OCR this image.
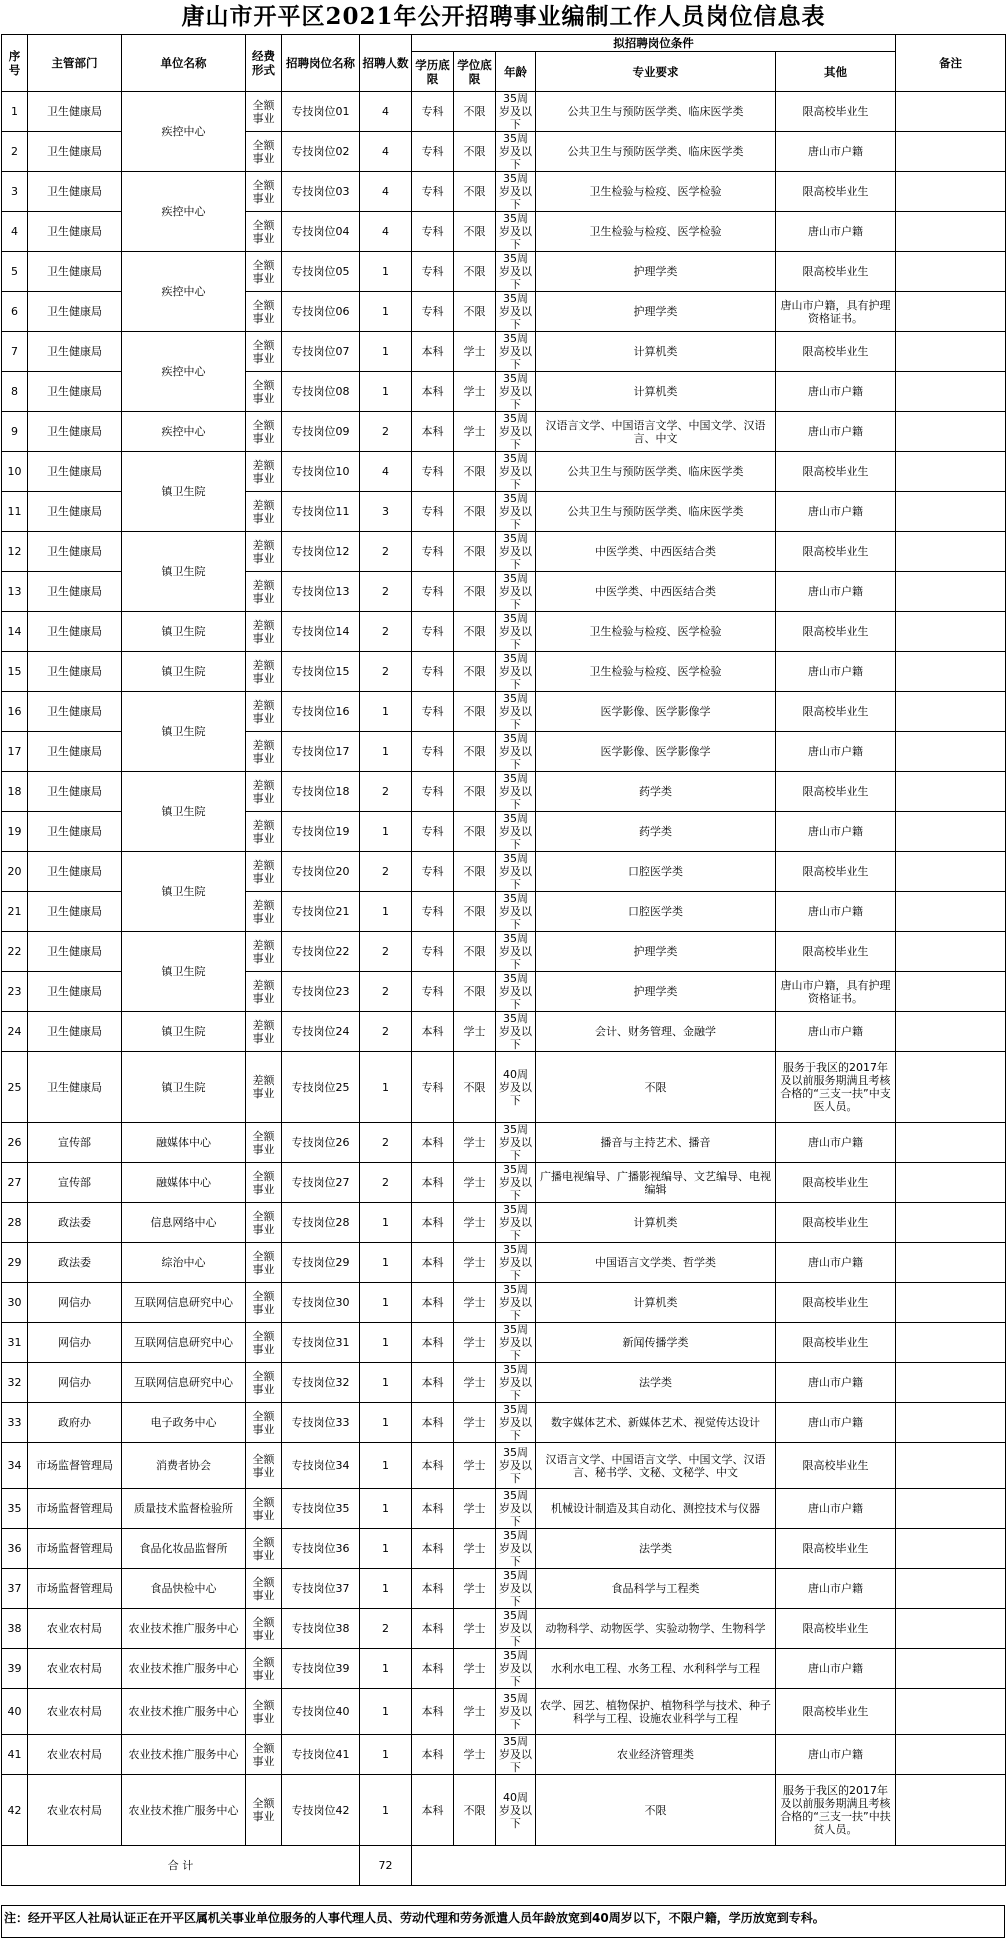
唐山市开平区2021年公开招聘事业编制工作人员岗位信息表
序号	主管部门	单位名称	经费形式	招聘岗位名称	招聘人数	拟招聘岗位条件					备注
						学历底限	学位底限	年龄	专业要求	其他	
1	卫生健康局	疾控中心	全额事业	专技岗位01	4	专科	不限	35周岁及以下	公共卫生与预防医学类、临床医学类	限高校毕业生	
2	卫生健康局		全额事业	专技岗位02	4	专科	不限	35周岁及以下	公共卫生与预防医学类、临床医学类	唐山市户籍	
3	卫生健康局	疾控中心	全额事业	专技岗位03	4	专科	不限	35周岁及以下	卫生检验与检疫、医学检验	限高校毕业生	
4	卫生健康局		全额事业	专技岗位04	4	专科	不限	35周岁及以下	卫生检验与检疫、医学检验	唐山市户籍	
5	卫生健康局	疾控中心	全额事业	专技岗位05	1	专科	不限	35周岁及以下	护理学类	限高校毕业生	
6	卫生健康局		全额事业	专技岗位06	1	专科	不限	35周岁及以下	护理学类	唐山市户籍，具有护理资格证书。	
7	卫生健康局	疾控中心	全额事业	专技岗位07	1	本科	学士	35周岁及以下	计算机类	限高校毕业生	
8	卫生健康局		全额事业	专技岗位08	1	本科	学士	35周岁及以下	计算机类	唐山市户籍	
9	卫生健康局	疾控中心	全额事业	专技岗位09	2	本科	学士	35周岁及以下	汉语言文学、中国语言文学、中国文学、汉语言、中文	唐山市户籍	
10	卫生健康局	镇卫生院	差额事业	专技岗位10	4	专科	不限	35周岁及以下	公共卫生与预防医学类、临床医学类	限高校毕业生	
11	卫生健康局		差额事业	专技岗位11	3	专科	不限	35周岁及以下	公共卫生与预防医学类、临床医学类	唐山市户籍	
12	卫生健康局	镇卫生院	差额事业	专技岗位12	2	专科	不限	35周岁及以下	中医学类、中西医结合类	限高校毕业生	
13	卫生健康局		差额事业	专技岗位13	2	专科	不限	35周岁及以下	中医学类、中西医结合类	唐山市户籍	
14	卫生健康局	镇卫生院	差额事业	专技岗位14	2	专科	不限	35周岁及以下	卫生检验与检疫、医学检验	限高校毕业生	
15	卫生健康局	镇卫生院	差额事业	专技岗位15	2	专科	不限	35周岁及以下	卫生检验与检疫、医学检验	唐山市户籍	
16	卫生健康局	镇卫生院	差额事业	专技岗位16	1	专科	不限	35周岁及以下	医学影像、医学影像学	限高校毕业生	
17	卫生健康局		差额事业	专技岗位17	1	专科	不限	35周岁及以下	医学影像、医学影像学	唐山市户籍	
18	卫生健康局	镇卫生院	差额事业	专技岗位18	2	专科	不限	35周岁及以下	药学类	限高校毕业生	
19	卫生健康局		差额事业	专技岗位19	1	专科	不限	35周岁及以下	药学类	唐山市户籍	
20	卫生健康局	镇卫生院	差额事业	专技岗位20	2	专科	不限	35周岁及以下	口腔医学类	限高校毕业生	
21	卫生健康局		差额事业	专技岗位21	1	专科	不限	35周岁及以下	口腔医学类	唐山市户籍	
22	卫生健康局	镇卫生院	差额事业	专技岗位22	2	专科	不限	35周岁及以下	护理学类	限高校毕业生	
23	卫生健康局		差额事业	专技岗位23	2	专科	不限	35周岁及以下	护理学类	唐山市户籍，具有护理资格证书。	
24	卫生健康局	镇卫生院	差额事业	专技岗位24	2	本科	学士	35周岁及以下	会计、财务管理、金融学	唐山市户籍	
25	卫生健康局	镇卫生院	差额事业	专技岗位25	1	专科	不限	40周岁及以下	不限	服务于我区的2017年及以前服务期满且考核合格的“三支一扶”中支医人员。	
26	宣传部	融媒体中心	全额事业	专技岗位26	2	本科	学士	35周岁及以下	播音与主持艺术、播音	唐山市户籍	
27	宣传部	融媒体中心	全额事业	专技岗位27	2	本科	学士	35周岁及以下	广播电视编导、广播影视编导、文艺编导、电视编辑	限高校毕业生	
28	政法委	信息网络中心	全额事业	专技岗位28	1	本科	学士	35周岁及以下	计算机类	限高校毕业生	
29	政法委	综治中心	全额事业	专技岗位29	1	本科	学士	35周岁及以下	中国语言文学类、哲学类	唐山市户籍	
30	网信办	互联网信息研究中心	全额事业	专技岗位30	1	本科	学士	35周岁及以下	计算机类	限高校毕业生	
31	网信办	互联网信息研究中心	全额事业	专技岗位31	1	本科	学士	35周岁及以下	新闻传播学类	限高校毕业生	
32	网信办	互联网信息研究中心	全额事业	专技岗位32	1	本科	学士	35周岁及以下	法学类	唐山市户籍	
33	政府办	电子政务中心	全额事业	专技岗位33	1	本科	学士	35周岁及以下	数字媒体艺术、新媒体艺术、视觉传达设计	唐山市户籍	
34	市场监督管理局	消费者协会	全额事业	专技岗位34	1	本科	学士	35周岁及以下	汉语言文学、中国语言文学、中国文学、汉语言、秘书学、文秘、文秘学、中文	限高校毕业生	
35	市场监督管理局	质量技术监督检验所	全额事业	专技岗位35	1	本科	学士	35周岁及以下	机械设计制造及其自动化、测控技术与仪器	唐山市户籍	
36	市场监督管理局	食品化妆品监督所	全额事业	专技岗位36	1	本科	学士	35周岁及以下	法学类	限高校毕业生	
37	市场监督管理局	食品快检中心	全额事业	专技岗位37	1	本科	学士	35周岁及以下	食品科学与工程类	唐山市户籍	
38	农业农村局	农业技术推广服务中心	全额事业	专技岗位38	2	本科	学士	35周岁及以下	动物科学、动物医学、实验动物学、生物科学	限高校毕业生	
39	农业农村局	农业技术推广服务中心	全额事业	专技岗位39	1	本科	学士	35周岁及以下	水利水电工程、水务工程、水利科学与工程	唐山市户籍	
40	农业农村局	农业技术推广服务中心	全额事业	专技岗位40	1	本科	学士	35周岁及以下	农学、园艺、植物保护、植物科学与技术、种子科学与工程、设施农业科学与工程	限高校毕业生	
41	农业农村局	农业技术推广服务中心	全额事业	专技岗位41	1	本科	学士	35周岁及以下	农业经济管理类	唐山市户籍	
42	农业农村局	农业技术推广服务中心	全额事业	专技岗位42	1	本科	不限	40周岁及以下	不限	服务于我区的2017年及以前服务期满且考核合格的“三支一扶”中扶贫人员。	
合 计					72						
注：经开平区人社局认证正在开平区属机关事业单位服务的人事代理人员、劳动代理和劳务派遣人员年龄放宽到40周岁以下，不限户籍，学历放宽到专科。
